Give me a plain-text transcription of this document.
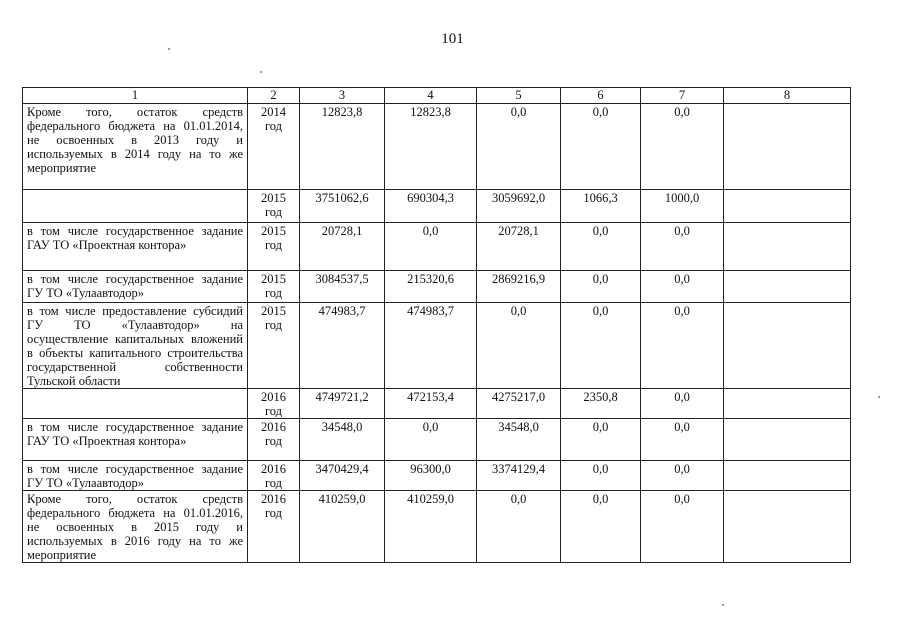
101
1	2	3	4	5	6	7	8
Кроме того, остаток средств федерального бюджета на 01.01.2014, не освоенных в 2013 году и используемых в 2014 году на то же мероприятие	2014 год	12823,8	12823,8	0,0	0,0	0,0	
	2015 год	3751062,6	690304,3	3059692,0	1066,3	1000,0	
в том числе государственное задание ГАУ ТО «Проектная контора»	2015 год	20728,1	0,0	20728,1	0,0	0,0	
в том числе государственное задание ГУ ТО «Тулаавтодор»	2015 год	3084537,5	215320,6	2869216,9	0,0	0,0	
в том числе предоставление субсидий ГУ ТО «Тулаавтодор» на осуществление капитальных вложений в объекты капитального строительства государственной собственности Тульской области	2015 год	474983,7	474983,7	0,0	0,0	0,0	
	2016 год	4749721,2	472153,4	4275217,0	2350,8	0,0	
в том числе государственное задание ГАУ ТО «Проектная контора»	2016 год	34548,0	0,0	34548,0	0,0	0,0	
в том числе государственное задание ГУ ТО «Тулаавтодор»	2016 год	3470429,4	96300,0	3374129,4	0,0	0,0	
Кроме того, остаток средств федерального бюджета на 01.01.2016, не освоенных в 2015 году и используемых в 2016 году на то же мероприятие	2016 год	410259,0	410259,0	0,0	0,0	0,0	
